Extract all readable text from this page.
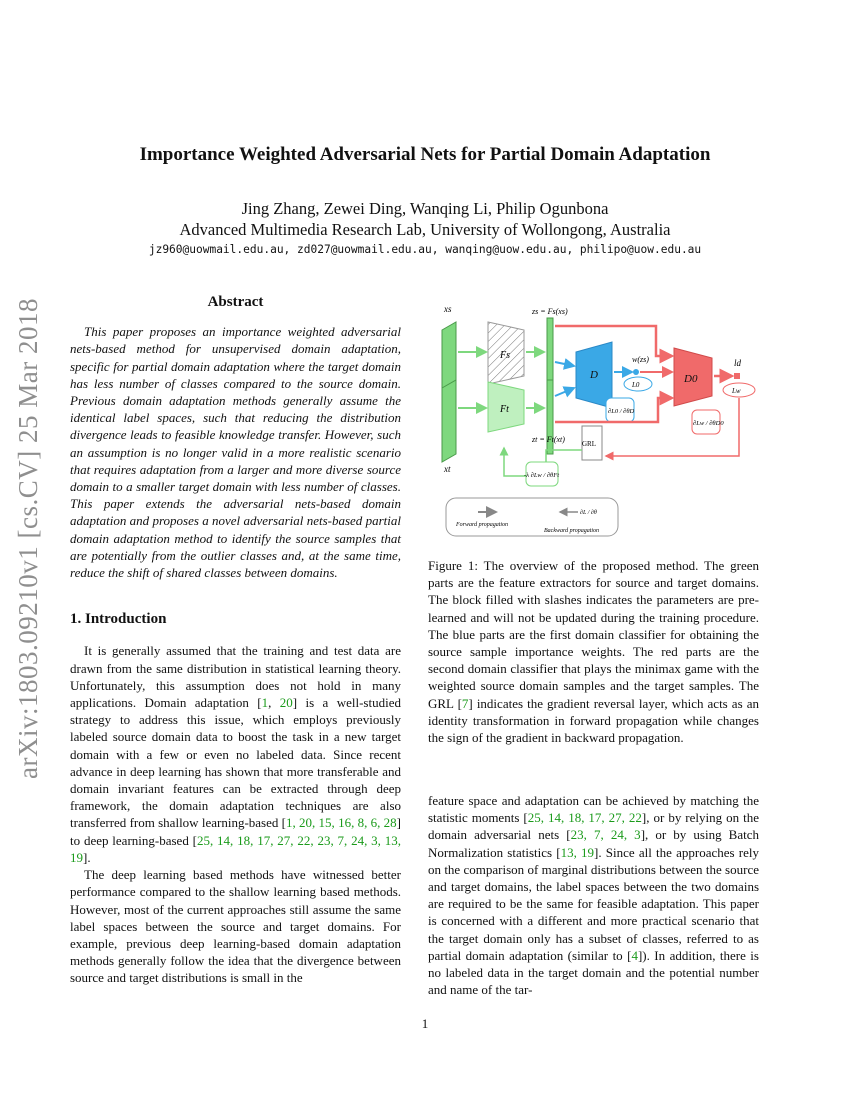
arXiv:1803.09210v1 [cs.CV] 25 Mar 2018
Importance Weighted Adversarial Nets for Partial Domain Adaptation
Jing Zhang, Zewei Ding, Wanqing Li, Philip Ogunbona
Advanced Multimedia Research Lab, University of Wollongong, Australia
jz960@uowmail.edu.au, zd027@uowmail.edu.au, wanqing@uow.edu.au, philipo@uow.edu.au
Abstract

This paper proposes an importance weighted adversarial nets-based method for unsupervised domain adaptation, specific for partial domain adaptation where the target domain has less number of classes compared to the source domain. Previous domain adaptation methods generally assume the identical label spaces, such that reducing the distribution divergence leads to feasible knowledge transfer. However, such an assumption is no longer valid in a more realistic scenario that requires adaptation from a larger and more diverse source domain to a smaller target domain with less number of classes. This paper extends the adversarial nets-based domain adaptation and proposes a novel adversarial nets-based partial domain adaptation method to identify the source samples that are potentially from the outlier classes and, at the same time, reduce the shift of shared classes between domains.

1. Introduction

It is generally assumed that the training and test data are drawn from the same distribution in statistical learning theory. Unfortunately, this assumption does not hold in many applications. Domain adaptation [1, 20] is a well-studied strategy to address this issue, which employs previously labeled source domain data to boost the task in a new target domain with a few or even no labeled data. Since recent advance in deep learning has shown that more transferable and domain invariant features can be extracted through deep framework, the domain adaptation techniques are also transferred from shallow learning-based [1, 20, 15, 16, 8, 6, 28] to deep learning-based [25, 14, 18, 17, 27, 22, 23, 7, 24, 3, 13, 19].

The deep learning based methods have witnessed better performance compared to the shallow learning based methods. However, most of the current approaches still assume the same label spaces between the source and target domains. For example, previous deep learning-based domain adaptation methods generally follow the idea that the divergence between source and target distributions is small in the

xs
xt
Fs
Ft
zs = Fs(xs)
zt = Ft(xt)
D
w(zs)
L0
∂L0 / ∂θD
D0
ld
Lw
GRL
∂Lw / ∂θD0
-λ ∂Lw / ∂θFt
Forward propagation
∂L / ∂θ
Backward propagation

Figure 1: The overview of the proposed method. The green parts are the feature extractors for source and target domains. The block filled with slashes indicates the parameters are pre-learned and will not be updated during the training procedure. The blue parts are the first domain classifier for obtaining the source sample importance weights. The red parts are the second domain classifier that plays the minimax game with the weighted source domain samples and the target samples. The GRL [7] indicates the gradient reversal layer, which acts as an identity transformation in forward propagation while changes the sign of the gradient in backward propagation.

feature space and adaptation can be achieved by matching the statistic moments [25, 14, 18, 17, 27, 22], or by relying on the domain adversarial nets [23, 7, 24, 3], or by using Batch Normalization statistics [13, 19]. Since all the approaches rely on the comparison of marginal distributions between the source and target domains, the label spaces between the two domains are required to be the same for feasible adaptation. This paper is concerned with a different and more practical scenario that the target domain only has a subset of classes, referred to as partial domain adaptation (similar to [4]). In addition, there is no labeled data in the target domain and the potential number and name of the tar-

1
